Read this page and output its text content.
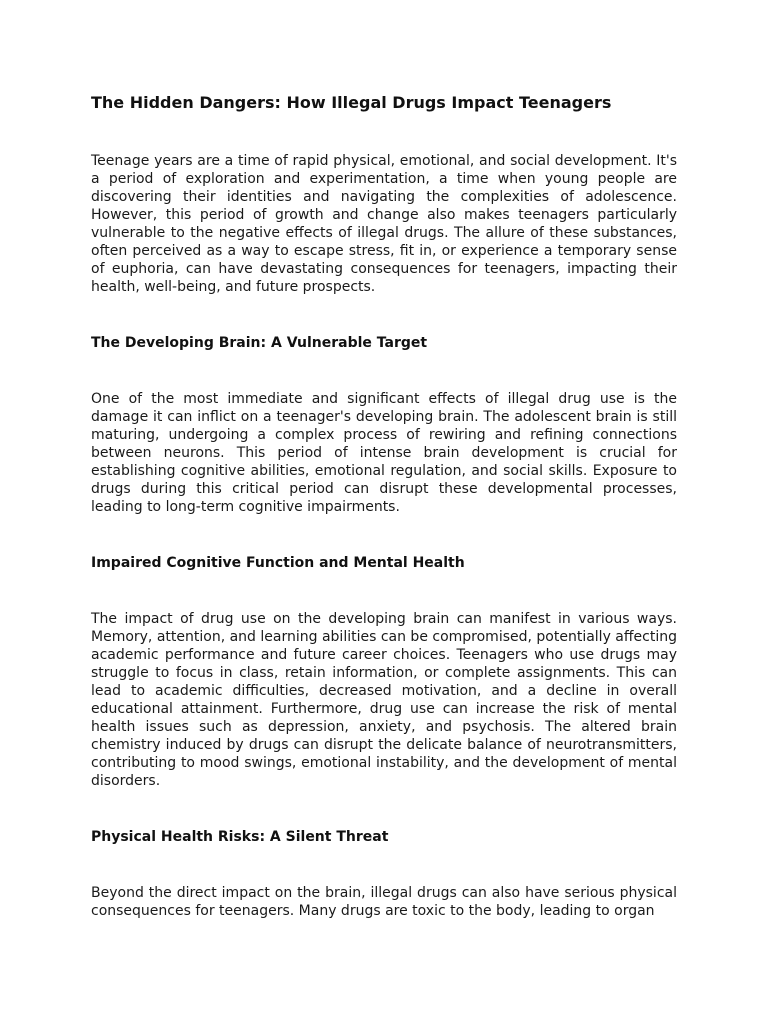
The Hidden Dangers: How Illegal Drugs Impact Teenagers

Teenage years are a time of rapid physical, emotional, and social development. It's a period of exploration and experimentation, a time when young people are discovering their identities and navigating the complexities of adolescence. However, this period of growth and change also makes teenagers particularly vulnerable to the negative effects of illegal drugs. The allure of these substances, often perceived as a way to escape stress, fit in, or experience a temporary sense of euphoria, can have devastating consequences for teenagers, impacting their health, well-being, and future prospects.

The Developing Brain: A Vulnerable Target

One of the most immediate and significant effects of illegal drug use is the damage it can inflict on a teenager's developing brain. The adolescent brain is still maturing, undergoing a complex process of rewiring and refining connections between neurons. This period of intense brain development is crucial for establishing cognitive abilities, emotional regulation, and social skills. Exposure to drugs during this critical period can disrupt these developmental processes, leading to long-term cognitive impairments.

Impaired Cognitive Function and Mental Health

The impact of drug use on the developing brain can manifest in various ways. Memory, attention, and learning abilities can be compromised, potentially affecting academic performance and future career choices. Teenagers who use drugs may struggle to focus in class, retain information, or complete assignments. This can lead to academic difficulties, decreased motivation, and a decline in overall educational attainment. Furthermore, drug use can increase the risk of mental health issues such as depression, anxiety, and psychosis. The altered brain chemistry induced by drugs can disrupt the delicate balance of neurotransmitters, contributing to mood swings, emotional instability, and the development of mental disorders.

Physical Health Risks: A Silent Threat

Beyond the direct impact on the brain, illegal drugs can also have serious physical consequences for teenagers. Many drugs are toxic to the body, leading to organ
